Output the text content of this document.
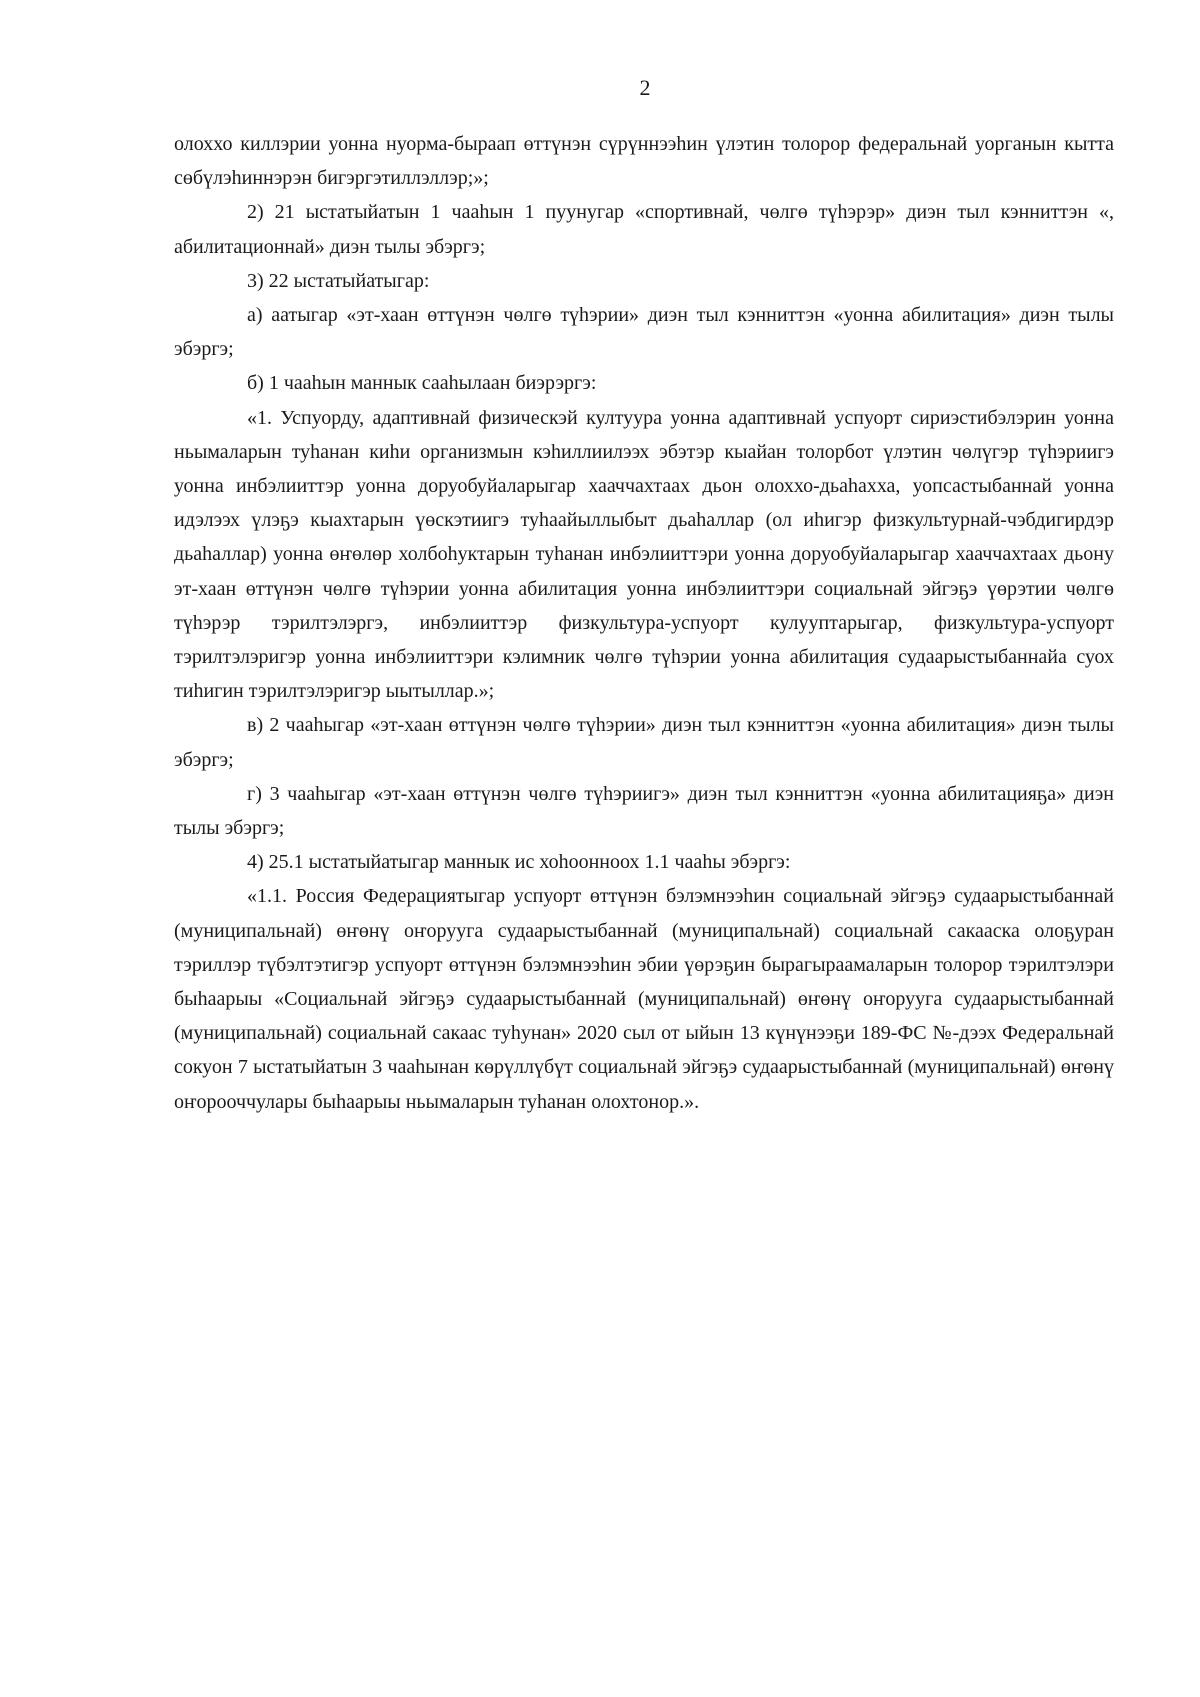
2

олоххо киллэрии уонна нуорма-быраап өттүнэн сүрүннээһин үлэтин толорор федеральнай уорганын кытта сөбүлэһиннэрэн бигэргэтиллэллэр;»;

2) 21 ыстатыйатын 1 чааһын 1 пуунугар «спортивнай, чөлгө түһэрэр» диэн тыл кэнниттэн «, абилитационнай» диэн тылы эбэргэ;

3) 22 ыстатыйатыгар:

а) аатыгар «эт-хаан өттүнэн чөлгө түһэрии» диэн тыл кэнниттэн «уонна абилитация» диэн тылы эбэргэ;

б) 1 чааһын маннык сааһылаан биэрэргэ:

«1. Успуорду, адаптивнай физическэй култуура уонна адаптивнай успуорт сириэстибэлэрин уонна ньымаларын туһанан киһи организмын кэһиллиилээх эбэтэр кыайан толорбот үлэтин чөлүгэр түһэриигэ уонна инбэлииттэр уонна доруобуйаларыгар хааччахтаах дьон олоххо-дьаһахха, уопсастыбаннай уонна идэлээх үлэҕэ кыахтарын үөскэтиигэ туһаайыллыбыт дьаһаллар (ол иһигэр физкультурнай-чэбдигирдэр дьаһаллар) уонна өҥөлөр холбоһуктарын туһанан инбэлииттэри уонна доруобуйаларыгар хааччахтаах дьону эт-хаан өттүнэн чөлгө түһэрии уонна абилитация уонна инбэлииттэри социальнай эйгэҕэ үөрэтии чөлгө түһэрэр тэрилтэлэргэ, инбэлииттэр физкультура-успуорт кулууптарыгар, физкультура-успуорт тэрилтэлэригэр уонна инбэлииттэри кэлимник чөлгө түһэрии уонна абилитация судаарыстыбаннайа суох тиһигин тэрилтэлэригэр ыытыллар.»;

в) 2 чааһыгар «эт-хаан өттүнэн чөлгө түһэрии» диэн тыл кэнниттэн «уонна абилитация» диэн тылы эбэргэ;

г) 3 чааһыгар «эт-хаан өттүнэн чөлгө түһэриигэ» диэн тыл кэнниттэн «уонна абилитацияҕа» диэн тылы эбэргэ;

4) 25.1 ыстатыйатыгар маннык ис хоһоонноох 1.1 чааһы эбэргэ:

«1.1. Россия Федерациятыгар успуорт өттүнэн бэлэмнээһин социальнай эйгэҕэ судаарыстыбаннай (муниципальнай) өҥөнү оҥорууга судаарыстыбаннай (муниципальнай) социальнай сакааска олоҕуран тэриллэр түбэлтэтигэр успуорт өттүнэн бэлэмнээһин эбии үөрэҕин бырагыраамаларын толорор тэрилтэлэри быһаарыы «Социальнай эйгэҕэ судаарыстыбаннай (муниципальнай) өҥөнү оҥорууга судаарыстыбаннай (муниципальнай) социальнай сакаас туһунан» 2020 сыл от ыйын 13 күнүнээҕи 189-ФС №-дээх Федеральнай сокуон 7 ыстатыйатын 3 чааһынан көрүллүбүт социальнай эйгэҕэ судаарыстыбаннай (муниципальнай) өҥөнү оҥорооччулары быһаарыы ньымаларын туһанан олохтонор.».
